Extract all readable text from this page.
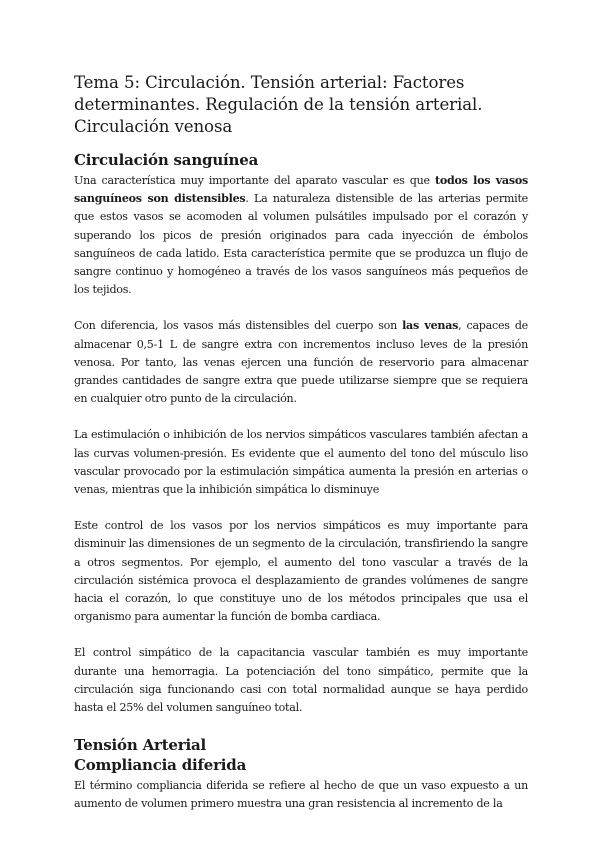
Tema 5: Circulación. Tensión arterial: Factores determinantes. Regulación de la tensión arterial. Circulación venosa
Circulación sanguínea

Una característica muy importante del aparato vascular es que todos los vasos sanguíneos son distensibles. La naturaleza distensible de las arterias permite que estos vasos se acomoden al volumen pulsátiles impulsado por el corazón y superando los picos de presión originados para cada inyección de émbolos sanguíneos de cada latido. Esta característica permite que se produzca un flujo de sangre continuo y homogéneo a través de los vasos sanguíneos más pequeños de los tejidos.

Con diferencia, los vasos más distensibles del cuerpo son las venas, capaces de almacenar 0,5-1 L de sangre extra con incrementos incluso leves de la presión venosa. Por tanto, las venas ejercen una función de reservorio para almacenar grandes cantidades de sangre extra que puede utilizarse siempre que se requiera en cualquier otro punto de la circulación.

La estimulación o inhibición de los nervios simpáticos vasculares también afectan a las curvas volumen-presión. Es evidente que el aumento del tono del músculo liso vascular provocado por la estimulación simpática aumenta la presión en arterias o venas, mientras que la inhibición simpática lo disminuye

Este control de los vasos por los nervios simpáticos es muy importante para disminuir las dimensiones de un segmento de la circulación, transfiriendo la sangre a otros segmentos. Por ejemplo, el aumento del tono vascular a través de la circulación sistémica provoca el desplazamiento de grandes volúmenes de sangre hacia el corazón, lo que constituye uno de los métodos principales que usa el organismo para aumentar la función de bomba cardiaca.

El control simpático de la capacitancia vascular también es muy importante durante una hemorragia. La potenciación del tono simpático, permite que la circulación siga funcionando casi con total normalidad aunque se haya perdido hasta el 25% del volumen sanguíneo total.

Tensión Arterial
Compliancia diferida

El término compliancia diferida se refiere al hecho de que un vaso expuesto a un aumento de volumen primero muestra una gran resistencia al incremento de la
